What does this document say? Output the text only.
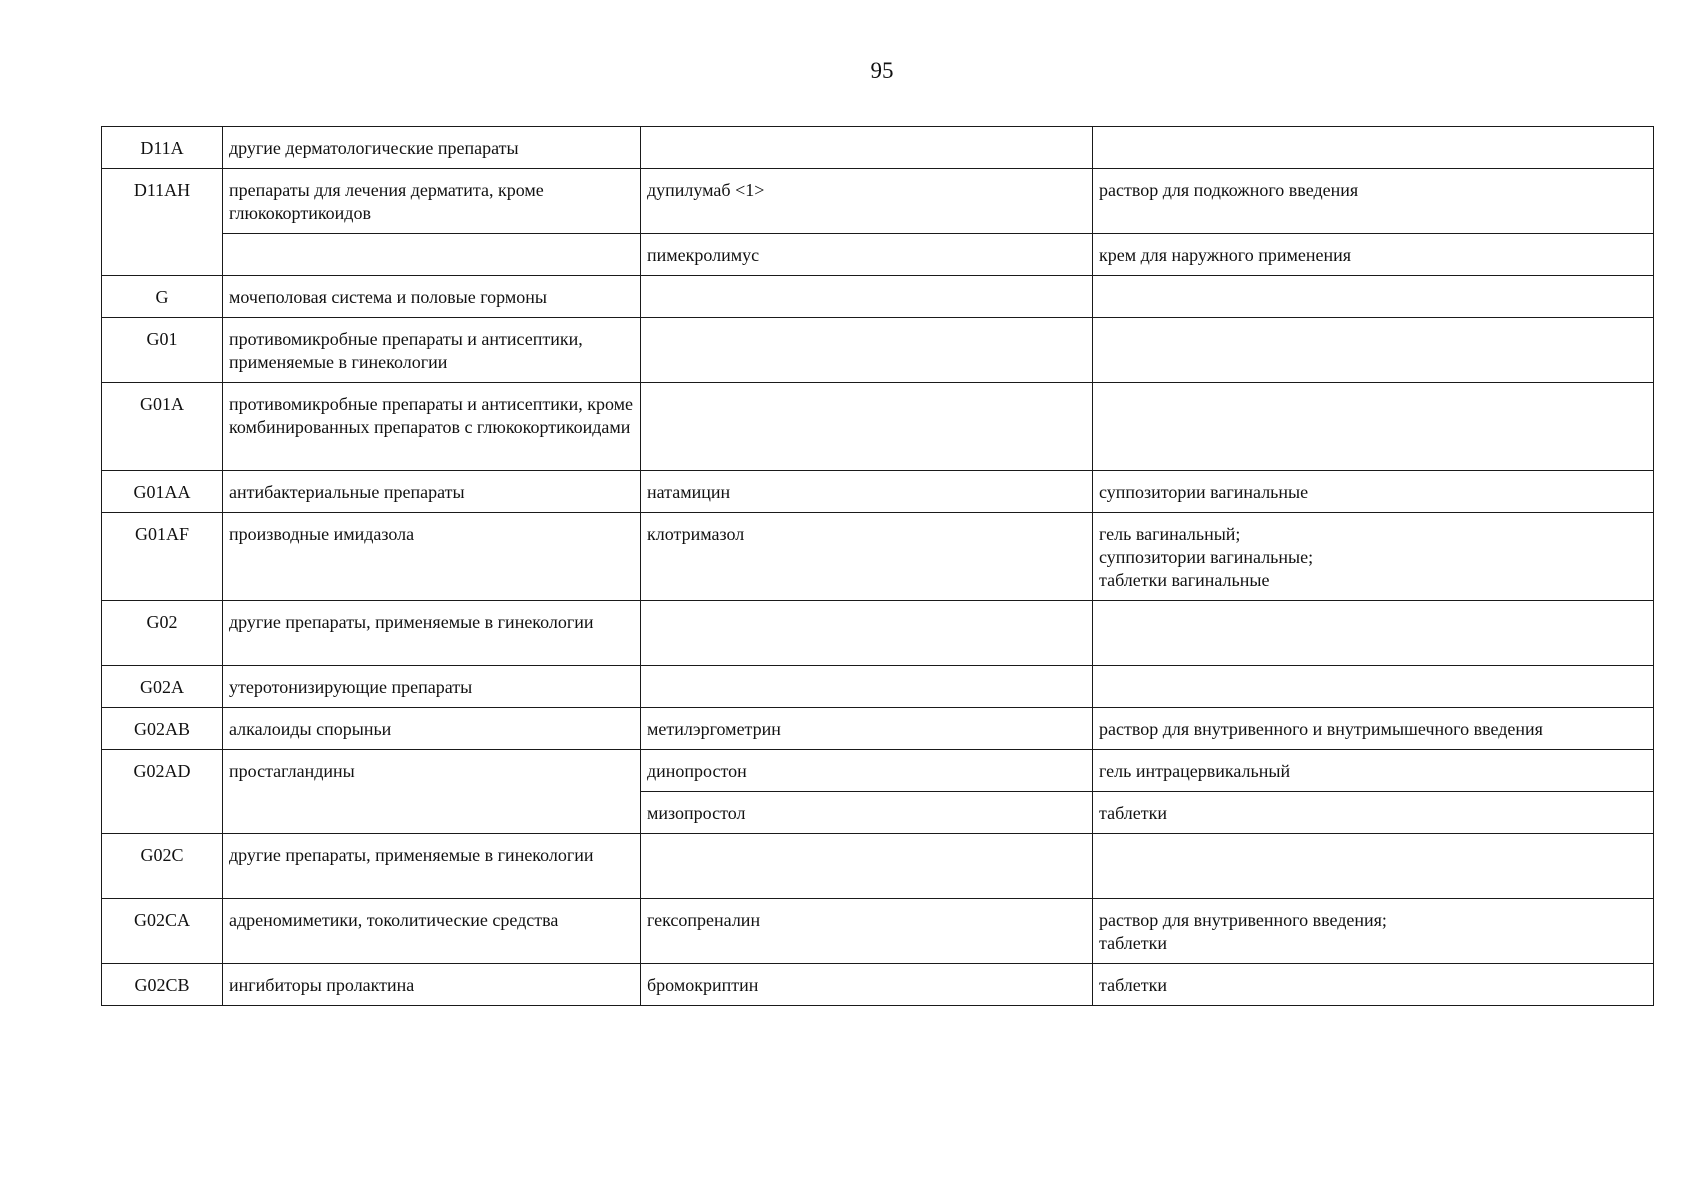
95
D11A	другие дерматологические препараты		
D11AH	препараты для лечения дерматита, кроме глюкокортикоидов	дупилумаб <1>	раствор для подкожного введения
		пимекролимус	крем для наружного применения
G	мочеполовая система и половые гормоны		
G01	противомикробные препараты и антисептики, применяемые в гинекологии		
G01A	противомикробные препараты и антисептики, кроме комбинированных препаратов с глюкокортикоидами		
G01AA	антибактериальные препараты	натамицин	суппозитории вагинальные
G01AF	производные имидазола	клотримазол	гель вагинальный;
суппозитории вагинальные;
таблетки вагинальные
G02	другие препараты, применяемые в гинекологии		
G02A	утеротонизирующие препараты		
G02AB	алкалоиды спорыньи	метилэргометрин	раствор для внутривенного и внутримышечного введения
G02AD	простагландины	динопростон	гель интрацервикальный
		мизопростол	таблетки
G02C	другие препараты, применяемые в гинекологии		
G02CA	адреномиметики, токолитические средства	гексопреналин	раствор для внутривенного введения;
таблетки
G02CB	ингибиторы пролактина	бромокриптин	таблетки
